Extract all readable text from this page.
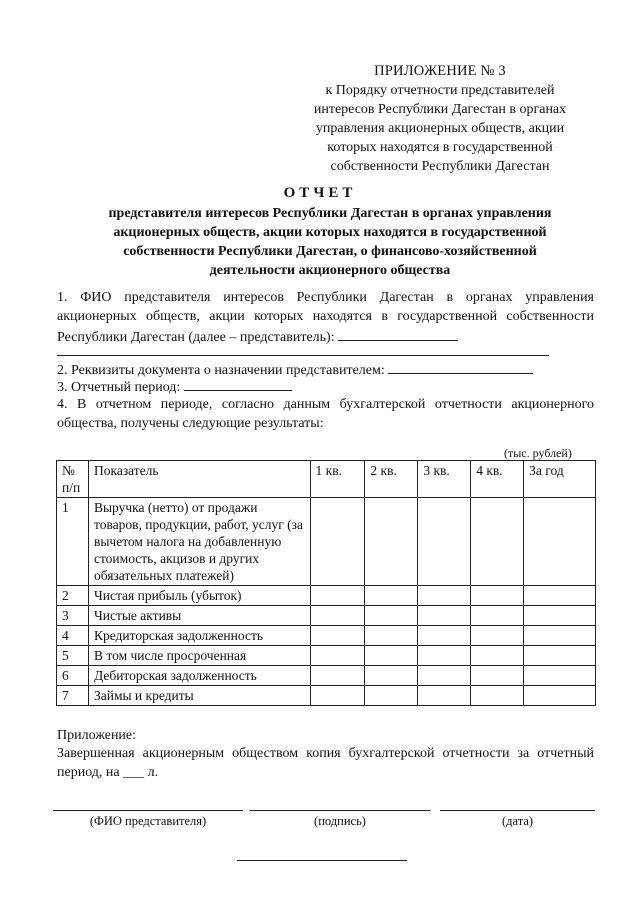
ПРИЛОЖЕНИЕ № 3
к Порядку отчетности представителей
интересов Республики Дагестан в органах
управления акционерных обществ, акции
которых находятся в государственной
собственности Республики Дагестан
ОТЧЕТ
представителя интересов Республики Дагестан в органах управления
акционерных обществ, акции которых находятся в государственной
собственности Республики Дагестан, о финансово-хозяйственной
деятельности акционерного общества
1. ФИО представителя интересов Республики Дагестан в органах управления акционерных обществ, акции которых находятся в государственной собственности Республики Дагестан (далее – представитель):
2. Реквизиты документа о назначении представителем:
3. Отчетный период:
4. В отчетном периоде, согласно данным бухгалтерской отчетности акционерного общества, получены следующие результаты:
(тыс. рублей)
№ п/п	Показатель	1 кв.	2 кв.	3 кв.	4 кв.	За год
1	Выручка (нетто) от продажи товаров, продукции, работ, услуг (за вычетом налога на добавленную стоимость, акцизов и других обязательных платежей)					
2	Чистая прибыль (убыток)					
3	Чистые активы					
4	Кредиторская задолженность					
5	В том числе просроченная					
6	Дебиторская задолженность					
7	Займы и кредиты					
Приложение:
Завершенная акционерным обществом копия бухгалтерской отчетности за отчетный период, на ___ л.
(ФИО представителя)	(подпись)	(дата)
